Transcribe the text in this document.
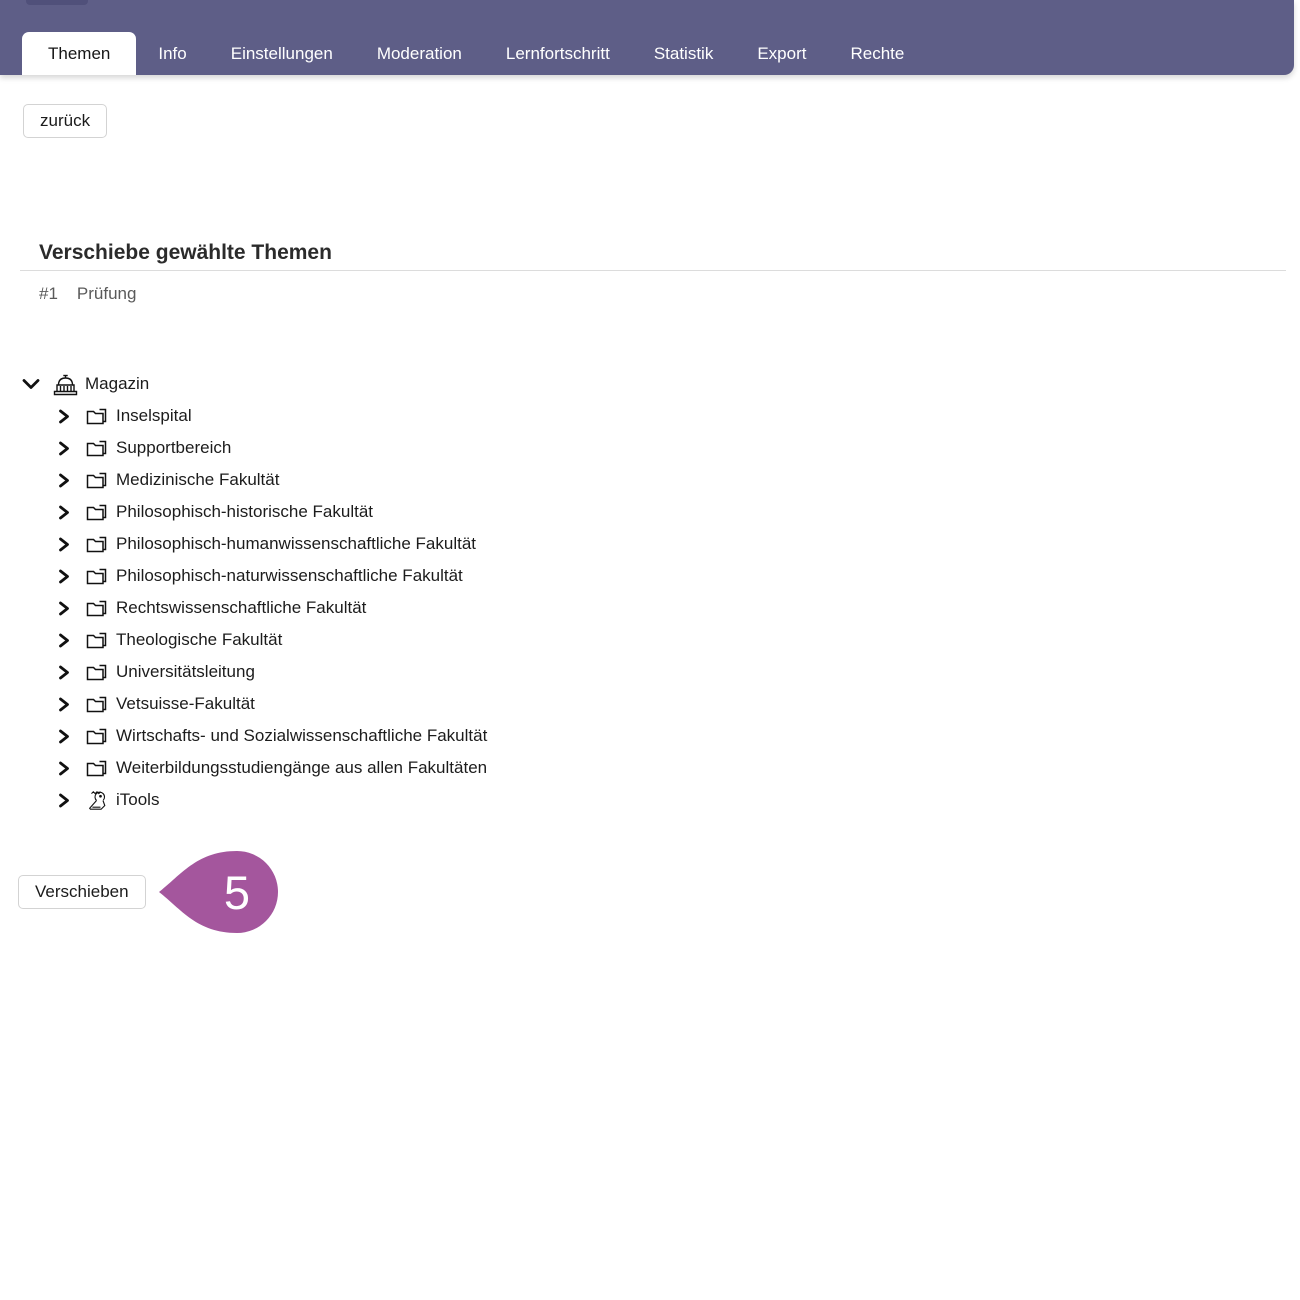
Themen	Info	Einstellungen	Moderation	Lernfortschritt	Statistik	Export	Rechte
zurück
Verschiebe gewählte Themen
#1 Prüfung
Magazin
Inselspital
Supportbereich
Medizinische Fakultät
Philosophisch-historische Fakultät
Philosophisch-humanwissenschaftliche Fakultät
Philosophisch-naturwissenschaftliche Fakultät
Rechtswissenschaftliche Fakultät
Theologische Fakultät
Universitätsleitung
Vetsuisse-Fakultät
Wirtschafts- und Sozialwissenschaftliche Fakultät
Weiterbildungsstudiengänge aus allen Fakultäten
iTools
Verschieben	5
